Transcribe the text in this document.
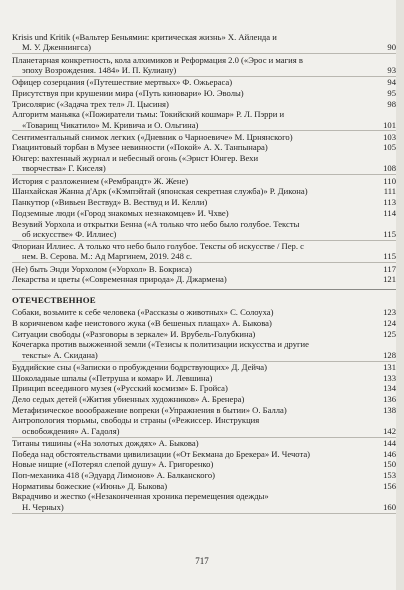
Krisis und Kritik («Вальтер Беньямин: критическая жизнь» Х. Айленда и
М. У. Дженнингса)	90
Планетарная конкретность, кола алхимиков и Реформация 2.0 («Эрос и магия в
эпоху Возрождения. 1484» И. П. Кулиану)	93
Офицер созерцания («Путешествие мертвых» Ф. Ожьераса)	94
Присутствуя при крушении мира («Путь киновари» Ю. Эволы)	95
Трисолярис («Задача трех тел» Л. Цысиня)	98
Алгоритм маньяка («Пожиратели тьмы: Токийский кошмар» Р. Л. Пэрри и
«Товарищ Чикатило» М. Кривича и О. Ольгина)	101
Сентиментальный снимок легких («Дневник о Чарноевиче» М. Црнянского)	103
Гиацинтовый торбан в Музее невинности («Покой» А. Х. Танпынара)	105
Юнгер: вахтенный журнал и небесный огонь («Эрнст Юнгер. Вехи
творчества» Г. Киселя)	108
История с разложением («Рембрандт» Ж. Жене)	110
Шанхайская Жанна д'Арк («Кэмпэйтай (японская секретная служба)» Р. Дикона)	111
Панкутюр («Вивьен Вествуд» В. Вествуд и И. Келли)	113
Подземные люди («Город знакомых незнакомцев» И. Чхве)	114
Везувий Уорхола и открытки Бенна («А только что небо было голубое. Тексты
об искусстве» Ф. Иллиес)	115
Флориан Иллиес. А только что небо было голубое. Тексты об искусстве / Пер. с
нем. В. Серова. М.: Ад Маргинем, 2019. 248 с.	115
(Не) быть Энди Уорхолом («Уорхол» В. Бокриса)	117
Лекарства и цветы («Современная природа» Д. Джармена)	121
ОТЕЧЕСТВЕННОЕ
Собаки, возьмите к себе человека («Рассказы о животных» С. Солоуха)	123
В коричневом кафе неистового жука («В бешеных плащах» А. Быкова)	124
Ситуации свободы («Разговоры в зеркале» И. Врубель-Голубкина)	125
Кочегарка против выжженной земли («Тезисы к политизации искусства и другие
тексты» А. Скидана)	128
Буддийские сны («Записки о пробуждении бодрствующих» Д. Дейча)	131
Шоколадные шпалы («Петруша и комар» И. Левшина)	133
Принцип всеединого музея («Русский космизм» Б. Гройса)	134
Дело седых детей («Жития убиенных художников» А. Бренера)	136
Метафизическое вооображение вопреки («Упражнения в бытии» О. Балла)	138
Антропология тюрьмы, свободы и страны («Режиссер. Инструкция
освобождения» А. Гадоля)	142
Титаны тишины («На золотых дождях» А. Быкова)	144
Победа над обстоятельствами цивилизации («От Бекмана до Брекера» И. Чечота)	146
Новые нищие («Потерял слепой душу» А. Григоренко)	150
Поп-механика 418 («Эдуард Лимонов» А. Балканского)	153
Нормативы божеские («Июнь» Д. Быкова)	156
Вкрадчиво и жестко («Незаконченная хроника перемещения одежды»
Н. Черных)	160
717
